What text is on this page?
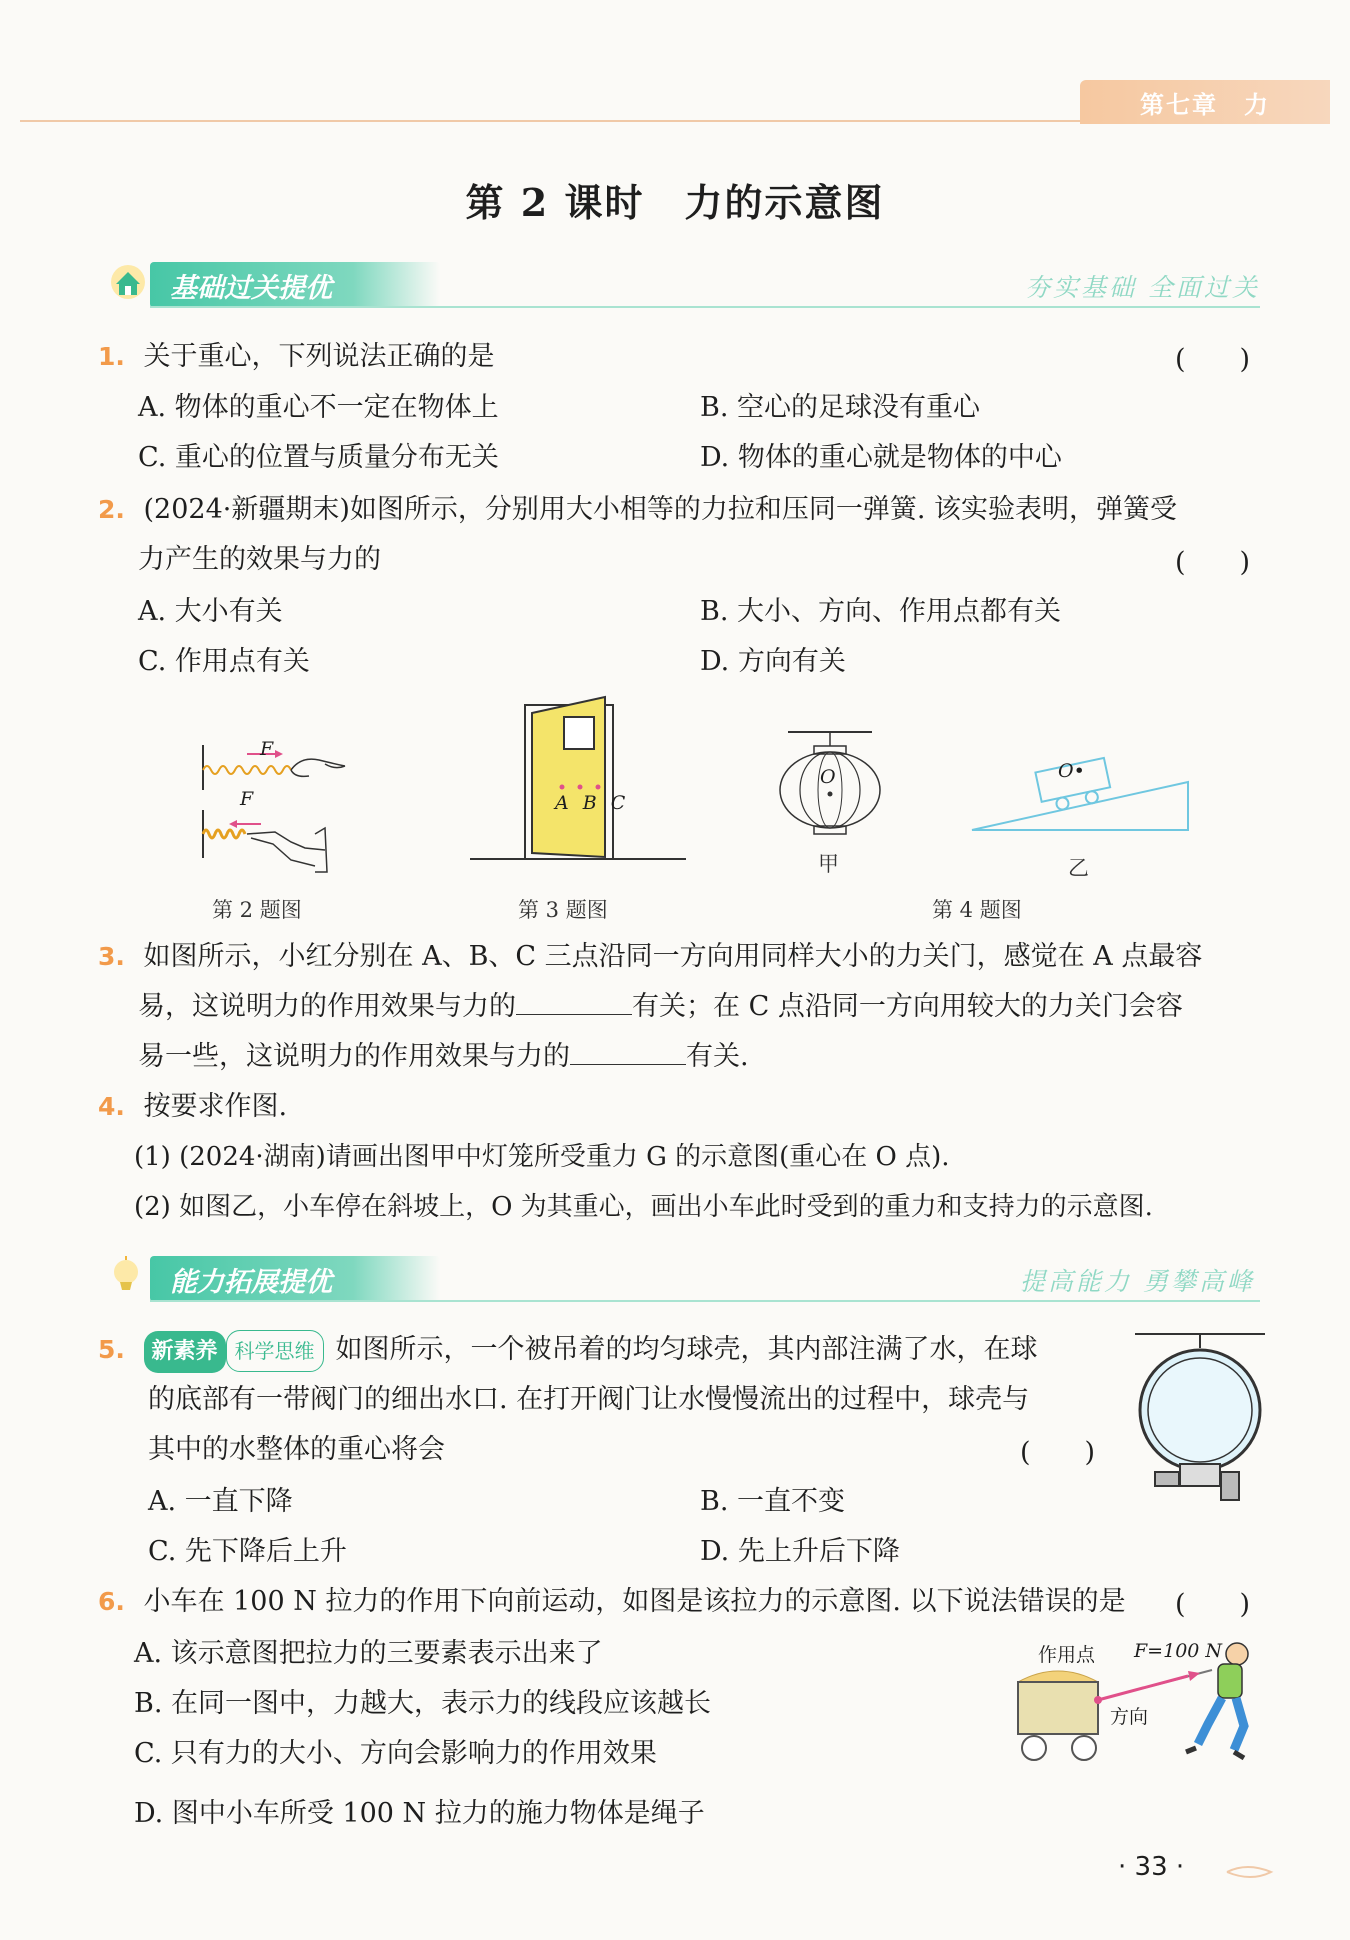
第七章　力
第 2 课时　力的示意图
基础过关提优	夯实基础 全面过关
1. 关于重心，下列说法正确的是	(　　)
A. 物体的重心不一定在物体上	B. 空心的足球没有重心
C. 重心的位置与质量分布无关	D. 物体的重心就是物体的中心
2. (2024·新疆期末)如图所示，分别用大小相等的力拉和压同一弹簧. 该实验表明，弹簧受
力产生的效果与力的	(　　)
A. 大小有关	B. 大小、方向、作用点都有关
C. 作用点有关	D. 方向有关
F
F
第 2 题图
A B C
第 3 题图
O
甲
O•
乙
第 4 题图
3. 如图所示，小红分别在 A、B、C 三点沿同一方向用同样大小的力关门，感觉在 A 点最容
易，这说明力的作用效果与力的	有关；在 C 点沿同一方向用较大的力关门会容
易一些，这说明力的作用效果与力的	有关.
4. 按要求作图.
(1) (2024·湖南)请画出图甲中灯笼所受重力 G 的示意图(重心在 O 点).
(2) 如图乙，小车停在斜坡上，O 为其重心，画出小车此时受到的重力和支持力的示意图.
能力拓展提优	提高能力 勇攀高峰
5. 新素养 科学思维 如图所示，一个被吊着的均匀球壳，其内部注满了水，在球
的底部有一带阀门的细出水口. 在打开阀门让水慢慢流出的过程中，球壳与
其中的水整体的重心将会	(　　)
A. 一直下降	B. 一直不变
C. 先下降后上升	D. 先上升后下降
6. 小车在 100 N 拉力的作用下向前运动，如图是该拉力的示意图. 以下说法错误的是	(　　)
A. 该示意图把拉力的三要素表示出来了
B. 在同一图中，力越大，表示力的线段应该越长
C. 只有力的大小、方向会影响力的作用效果
D. 图中小车所受 100 N 拉力的施力物体是绳子
作用点 F=100 N
方向
· 33 ·
